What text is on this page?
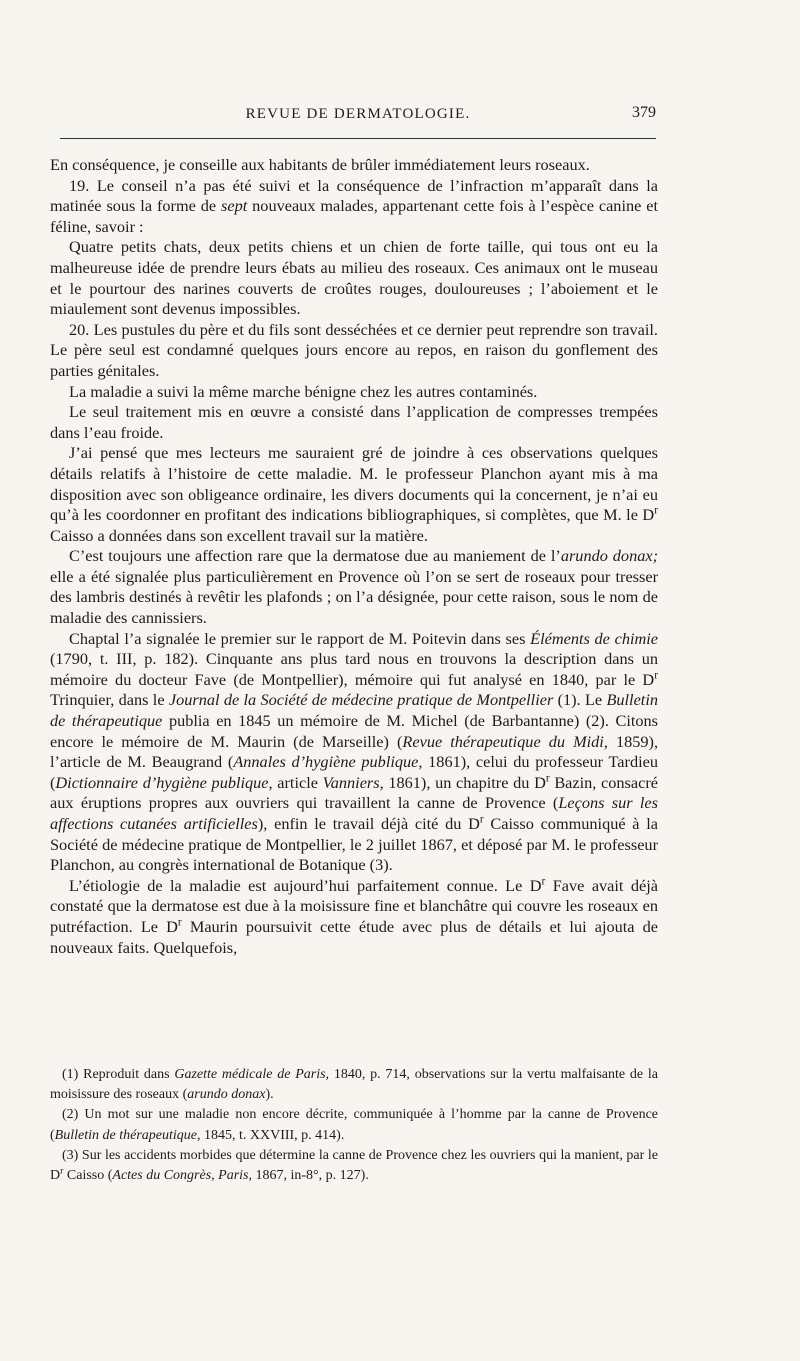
REVUE DE DERMATOLOGIE.	379

En conséquence, je conseille aux habitants de brûler immédiatement leurs roseaux.

19. Le conseil n’a pas été suivi et la conséquence de l’infraction m’apparaît dans la matinée sous la forme de sept nouveaux malades, appartenant cette fois à l’espèce canine et féline, savoir :

Quatre petits chats, deux petits chiens et un chien de forte taille, qui tous ont eu la malheureuse idée de prendre leurs ébats au milieu des roseaux. Ces animaux ont le museau et le pourtour des narines couverts de croûtes rouges, douloureuses ; l’aboiement et le miaulement sont devenus impossibles.

20. Les pustules du père et du fils sont desséchées et ce dernier peut reprendre son travail. Le père seul est condamné quelques jours encore au repos, en raison du gonflement des parties génitales.

La maladie a suivi la même marche bénigne chez les autres contaminés.

Le seul traitement mis en œuvre a consisté dans l’application de compresses trempées dans l’eau froide.

J’ai pensé que mes lecteurs me sauraient gré de joindre à ces observations quelques détails relatifs à l’histoire de cette maladie. M. le professeur Planchon ayant mis à ma disposition avec son obligeance ordinaire, les divers documents qui la concernent, je n’ai eu qu’à les coordonner en profitant des indications bibliographiques, si complètes, que M. le $D^r$ Caisso a données dans son excellent travail sur la matière.

C’est toujours une affection rare que la dermatose due au maniement de l’arundo donax; elle a été signalée plus particulièrement en Provence où l’on se sert de roseaux pour tresser des lambris destinés à revêtir les plafonds ; on l’a désignée, pour cette raison, sous le nom de maladie des cannissiers.

Chaptal l’a signalée le premier sur le rapport de M. Poitevin dans ses Éléments de chimie (1790, t. III, p. 182). Cinquante ans plus tard nous en trouvons la description dans un mémoire du docteur Fave (de Montpellier), mémoire qui fut analysé en 1840, par le $D^r$ Trinquier, dans le Journal de la Société de médecine pratique de Montpellier (1). Le Bulletin de thérapeutique publia en 1845 un mémoire de M. Michel (de Barbantanne) (2). Citons encore le mémoire de M. Maurin (de Marseille) (Revue thérapeutique du Midi, 1859), l’article de M. Beaugrand (Annales d’hygiène publique, 1861), celui du professeur Tardieu (Dictionnaire d’hygiène publique, article Vanniers, 1861), un chapitre du $D^r$ Bazin, consacré aux éruptions propres aux ouvriers qui travaillent la canne de Provence (Leçons sur les affections cutanées artificielles), enfin le travail déjà cité du $D^r$ Caisso communiqué à la Société de médecine pratique de Montpellier, le 2 juillet 1867, et déposé par M. le professeur Planchon, au congrès international de Botanique (3).

L’étiologie de la maladie est aujourd’hui parfaitement connue. Le $D^r$ Fave avait déjà constaté que la dermatose est due à la moisissure fine et blanchâtre qui couvre les roseaux en putréfaction. Le $D^r$ Maurin poursuivit cette étude avec plus de détails et lui ajouta de nouveaux faits. Quelquefois,

(1) Reproduit dans Gazette médicale de Paris, 1840, p. 714, observations sur la vertu malfaisante de la moisissure des roseaux (arundo donax).

(2) Un mot sur une maladie non encore décrite, communiquée à l’homme par la canne de Provence (Bulletin de thérapeutique, 1845, t. XXVIII, p. 414).

(3) Sur les accidents morbides que détermine la canne de Provence chez les ouvriers qui la manient, par le $D^r$ Caisso (Actes du Congrès, Paris, 1867, in-8°, p. 127).
